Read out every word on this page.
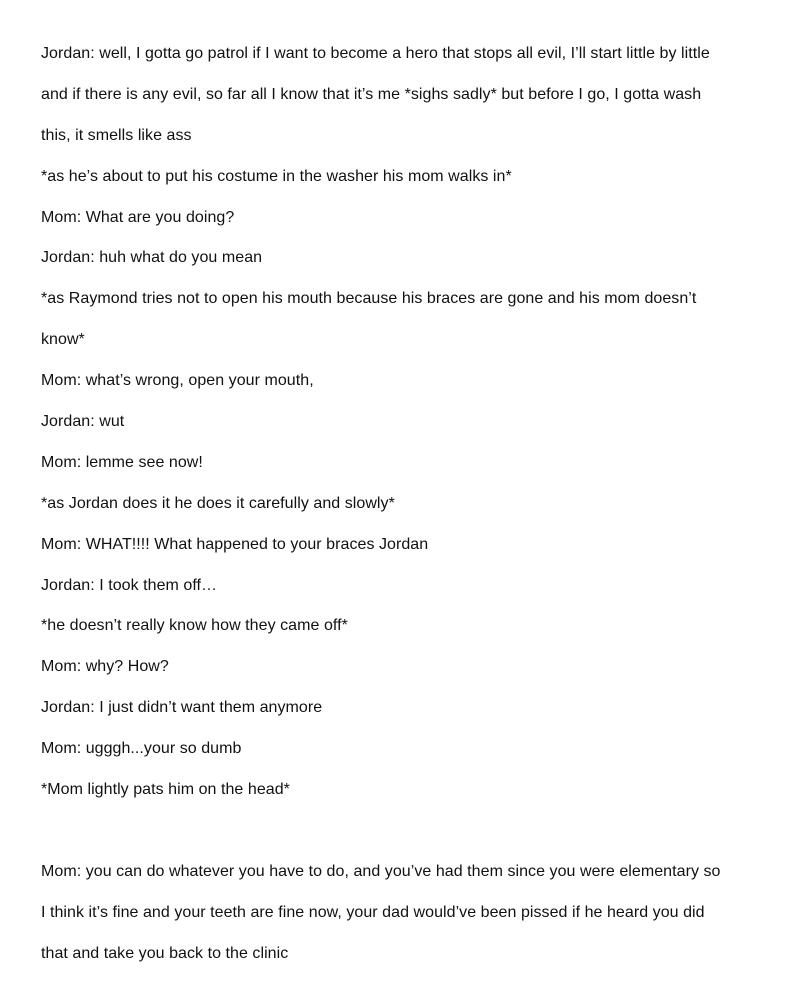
Jordan: well, I gotta go patrol if I want to become a hero that stops all evil, I’ll start little by little
and if there is any evil, so far all I know that it’s me *sighs sadly* but before I go, I gotta wash
this, it smells like ass
*as he’s about to put his costume in the washer his mom walks in*
Mom: What are you doing?
Jordan: huh what do you mean
*as Raymond tries not to open his mouth because his braces are gone and his mom doesn’t
know*
Mom: what’s wrong, open your mouth,
Jordan: wut
Mom: lemme see now!
*as Jordan does it he does it carefully and slowly*
Mom: WHAT!!!! What happened to your braces Jordan
Jordan: I took them off…
*he doesn’t really know how they came off*
Mom: why? How?
Jordan: I just didn’t want them anymore
Mom: ugggh...your so dumb
*Mom lightly pats him on the head*
Mom: you can do whatever you have to do, and you’ve had them since you were elementary so
I think it’s fine and your teeth are fine now, your dad would’ve been pissed if he heard you did
that and take you back to the clinic
